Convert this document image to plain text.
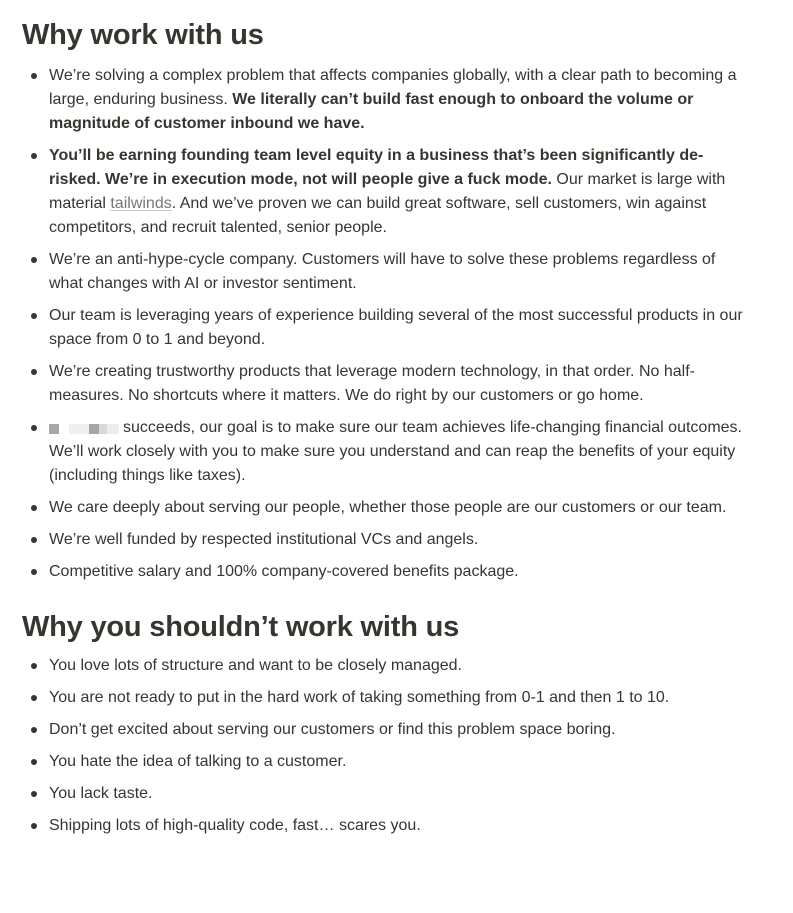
Why work with us
We’re solving a complex problem that affects companies globally, with a clear path to becoming a large, enduring business. We literally can’t build fast enough to onboard the volume or magnitude of customer inbound we have.
You’ll be earning founding team level equity in a business that’s been significantly de-risked. We’re in execution mode, not will people give a fuck mode. Our market is large with material tailwinds. And we’ve proven we can build great software, sell customers, win against competitors, and recruit talented, senior people.
We’re an anti-hype-cycle company. Customers will have to solve these problems regardless of what changes with AI or investor sentiment.
Our team is leveraging years of experience building several of the most successful products in our space from 0 to 1 and beyond.
We’re creating trustworthy products that leverage modern technology, in that order. No half-measures. No shortcuts where it matters. We do right by our customers or go home.
succeeds, our goal is to make sure our team achieves life-changing financial outcomes. We’ll work closely with you to make sure you understand and can reap the benefits of your equity (including things like taxes).
We care deeply about serving our people, whether those people are our customers or our team.
We’re well funded by respected institutional VCs and angels.
Competitive salary and 100% company-covered benefits package.
Why you shouldn’t work with us
You love lots of structure and want to be closely managed.
You are not ready to put in the hard work of taking something from 0-1 and then 1 to 10.
Don’t get excited about serving our customers or find this problem space boring.
You hate the idea of talking to a customer.
You lack taste.
Shipping lots of high-quality code, fast… scares you.
